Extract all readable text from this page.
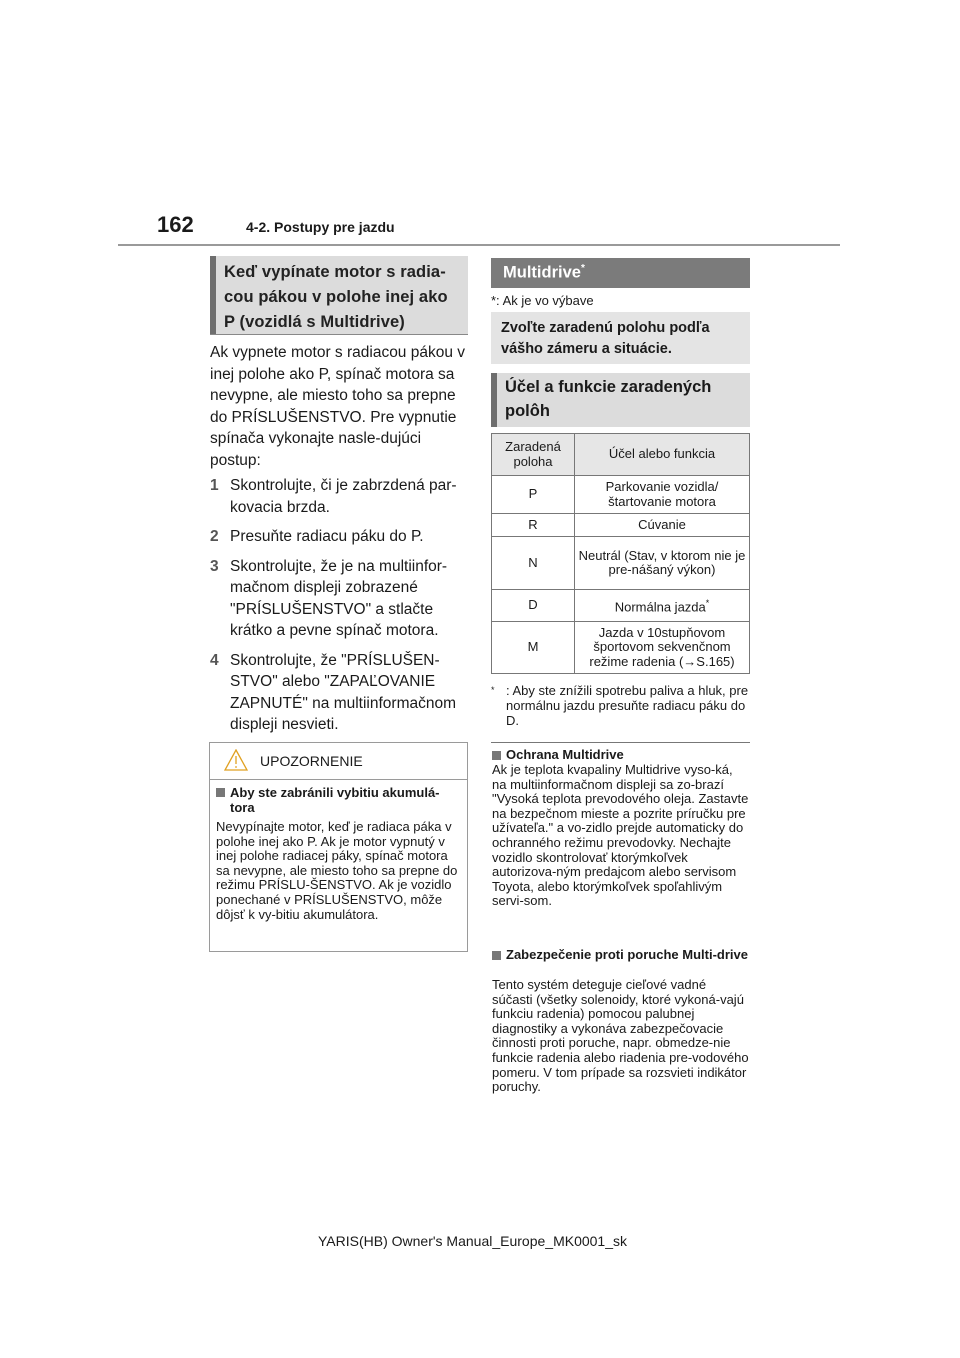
162	4-2. Postupy pre jazdu
Keď vypínate motor s radia-
cou pákou v polohe inej ako
P (vozidlá s Multidrive)
Ak vypnete motor s radiacou pákou v inej polohe ako P, spínač motora sa nevypne, ale miesto toho sa prepne do PRÍSLUŠENSTVO. Pre vypnutie spínača vykonajte nasle-dujúci postup:
1 Skontrolujte, či je zabrzdená par-kovacia brzda.
2 Presuňte radiacu páku do P.
3 Skontrolujte, že je na multiinfor-mačnom displeji zobrazené "PRÍSLUŠENSTVO" a stlačte krátko a pevne spínač motora.
4 Skontrolujte, že "PRÍSLUŠEN-STVO" alebo "ZAPAĽOVANIE ZAPNUTÉ" na multiinformačnom displeji nesvieti.
UPOZORNENIE
Aby ste zabránili vybitiu akumulá-tora
Nevypínajte motor, keď je radiaca páka v polohe inej ako P. Ak je motor vypnutý v inej polohe radiacej páky, spínač motora sa nevypne, ale miesto toho sa prepne do režimu PRÍSLU-ŠENSTVO. Ak je vozidlo ponechané v PRÍSLUŠENSTVO, môže dôjsť k vy-bitiu akumulátora.
Multidrive*
*: Ak je vo výbave
Zvoľte zaradenú polohu podľa vášho zámeru a situácie.
Účel a funkcie zaradených polôh
Zaradená poloha	Účel alebo funkcia
P	Parkovanie vozidla/ štartovanie motora
R	Cúvanie
N	Neutrál (Stav, v ktorom nie je pre-nášaný výkon)
D	Normálna jazda*
M	Jazda v 10stupňovom športovom sekvenčnom režime radenia (→S.165)
* : Aby ste znížili spotrebu paliva a hluk, pre normálnu jazdu presuňte radiacu páku do D.
Ochrana Multidrive
Ak je teplota kvapaliny Multidrive vyso-ká, na multiinformačnom displeji sa zo-brazí "Vysoká teplota prevodového oleja. Zastavte na bezpečnom mieste a pozrite príručku pre užívateľa." a vo-zidlo prejde automaticky do ochranného režimu prevodovky. Nechajte vozidlo skontrolovať ktorýmkoľvek autorizova-ným predajcom alebo servisom Toyota, alebo ktorýmkoľvek spoľahlivým servi-som.
Zabezpečenie proti poruche Multi-drive
Tento systém deteguje cieľové vadné súčasti (všetky solenoidy, ktoré vykoná-vajú funkciu radenia) pomocou palubnej diagnostiky a vykonáva zabezpečovacie činnosti proti poruche, napr. obmedze-nie funkcie radenia alebo riadenia pre-vodového pomeru. V tom prípade sa rozsvieti indikátor poruchy.
YARIS(HB) Owner's Manual_Europe_MK0001_sk
